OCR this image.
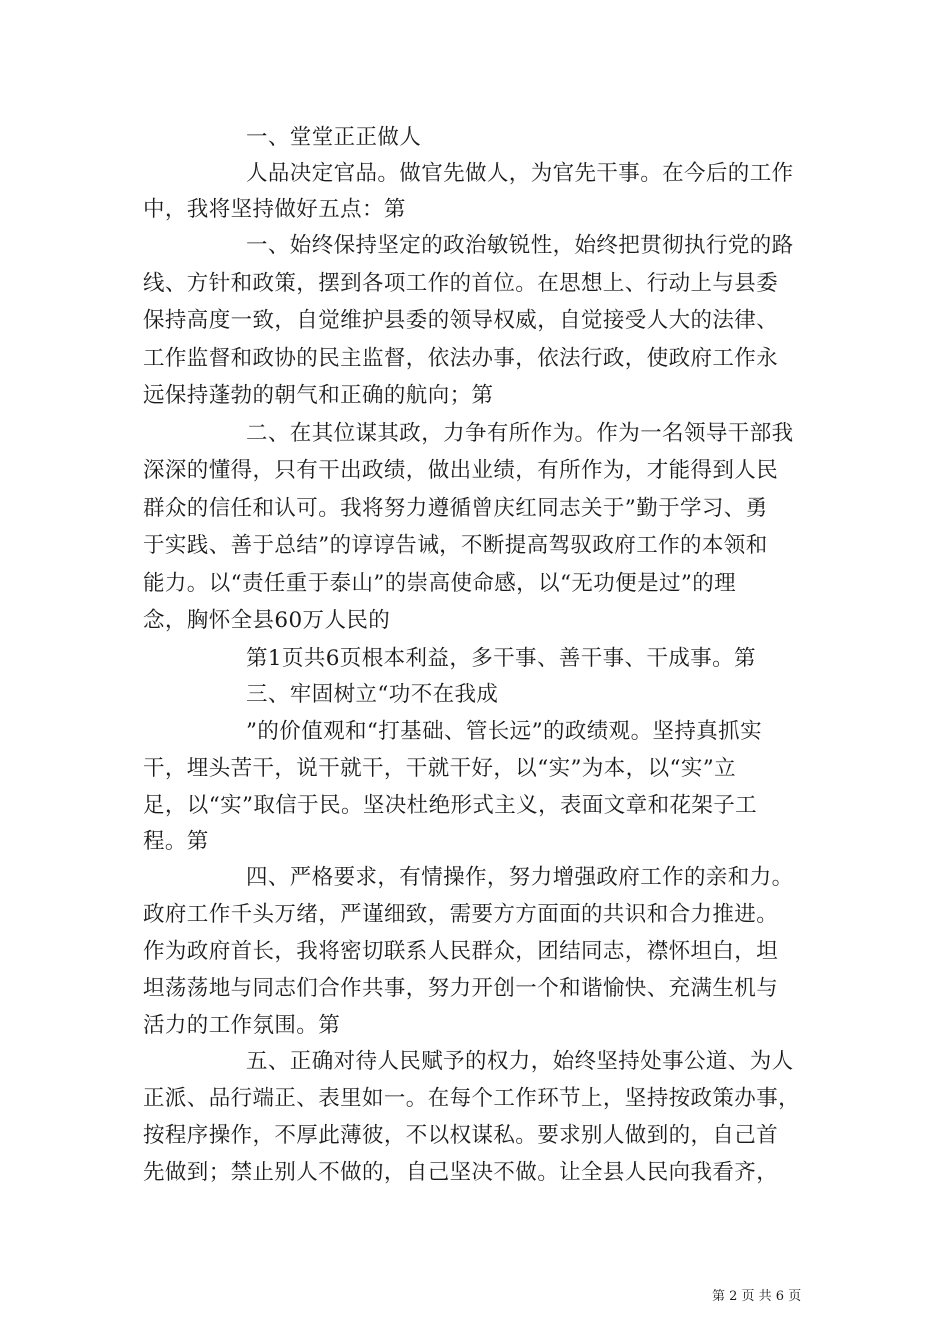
一、堂堂正正做人
人品决定官品。做官先做人，为官先干事。在今后的工作
中，我将坚持做好五点：第
一、始终保持坚定的政治敏锐性，始终把贯彻执行党的路
线、方针和政策，摆到各项工作的首位。在思想上、行动上与县委
保持高度一致，自觉维护县委的领导权威，自觉接受人大的法律、
工作监督和政协的民主监督，依法办事，依法行政，使政府工作永
远保持蓬勃的朝气和正确的航向；第
二、在其位谋其政，力争有所作为。作为一名领导干部我
深深的懂得，只有干出政绩，做出业绩，有所作为，才能得到人民
群众的信任和认可。我将努力遵循曾庆红同志关于”勤于学习、勇
于实践、善于总结”的谆谆告诫，不断提高驾驭政府工作的本领和
能力。以“责任重于泰山”的崇高使命感，以“无功便是过”的理
念，胸怀全县60万人民的
第1页共6页根本利益，多干事、善干事、干成事。第
三、牢固树立“功不在我成
”的价值观和“打基础、管长远”的政绩观。坚持真抓实
干，埋头苦干，说干就干，干就干好，以“实”为本，以“实”立
足，以“实”取信于民。坚决杜绝形式主义，表面文章和花架子工
程。第
四、严格要求，有情操作，努力增强政府工作的亲和力。
政府工作千头万绪，严谨细致，需要方方面面的共识和合力推进。
作为政府首长，我将密切联系人民群众，团结同志，襟怀坦白，坦
坦荡荡地与同志们合作共事，努力开创一个和谐愉快、充满生机与
活力的工作氛围。第
五、正确对待人民赋予的权力，始终坚持处事公道、为人
正派、品行端正、表里如一。在每个工作环节上，坚持按政策办事，
按程序操作，不厚此薄彼，不以权谋私。要求别人做到的，自己首
先做到；禁止别人不做的，自己坚决不做。让全县人民向我看齐，
第 2 页 共 6 页
